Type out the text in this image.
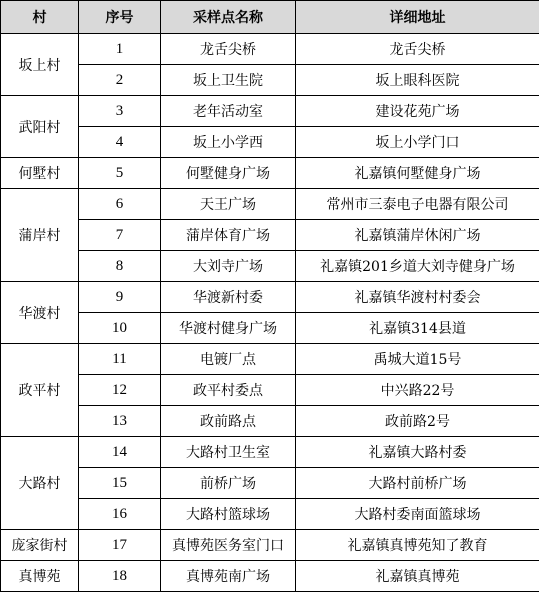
村	序号	采样点名称	详细地址
坂上村	1	龙舌尖桥	龙舌尖桥
	2	坂上卫生院	坂上眼科医院
武阳村	3	老年活动室	建设花苑广场
	4	坂上小学西	坂上小学门口
何墅村	5	何墅健身广场	礼嘉镇何墅健身广场
蒲岸村	6	天王广场	常州市三泰电子电器有限公司
	7	蒲岸体育广场	礼嘉镇蒲岸休闲广场
	8	大刘寺广场	礼嘉镇201乡道大刘寺健身广场
华渡村	9	华渡新村委	礼嘉镇华渡村村委会
	10	华渡村健身广场	礼嘉镇314县道
政平村	11	电镀厂点	禹城大道15号
	12	政平村委点	中兴路22号
	13	政前路点	政前路2号
大路村	14	大路村卫生室	礼嘉镇大路村委
	15	前桥广场	大路村前桥广场
	16	大路村篮球场	大路村委南面篮球场
庞家街村	17	真博苑医务室门口	礼嘉镇真博苑知了教育
真博苑	18	真博苑南广场	礼嘉镇真博苑
